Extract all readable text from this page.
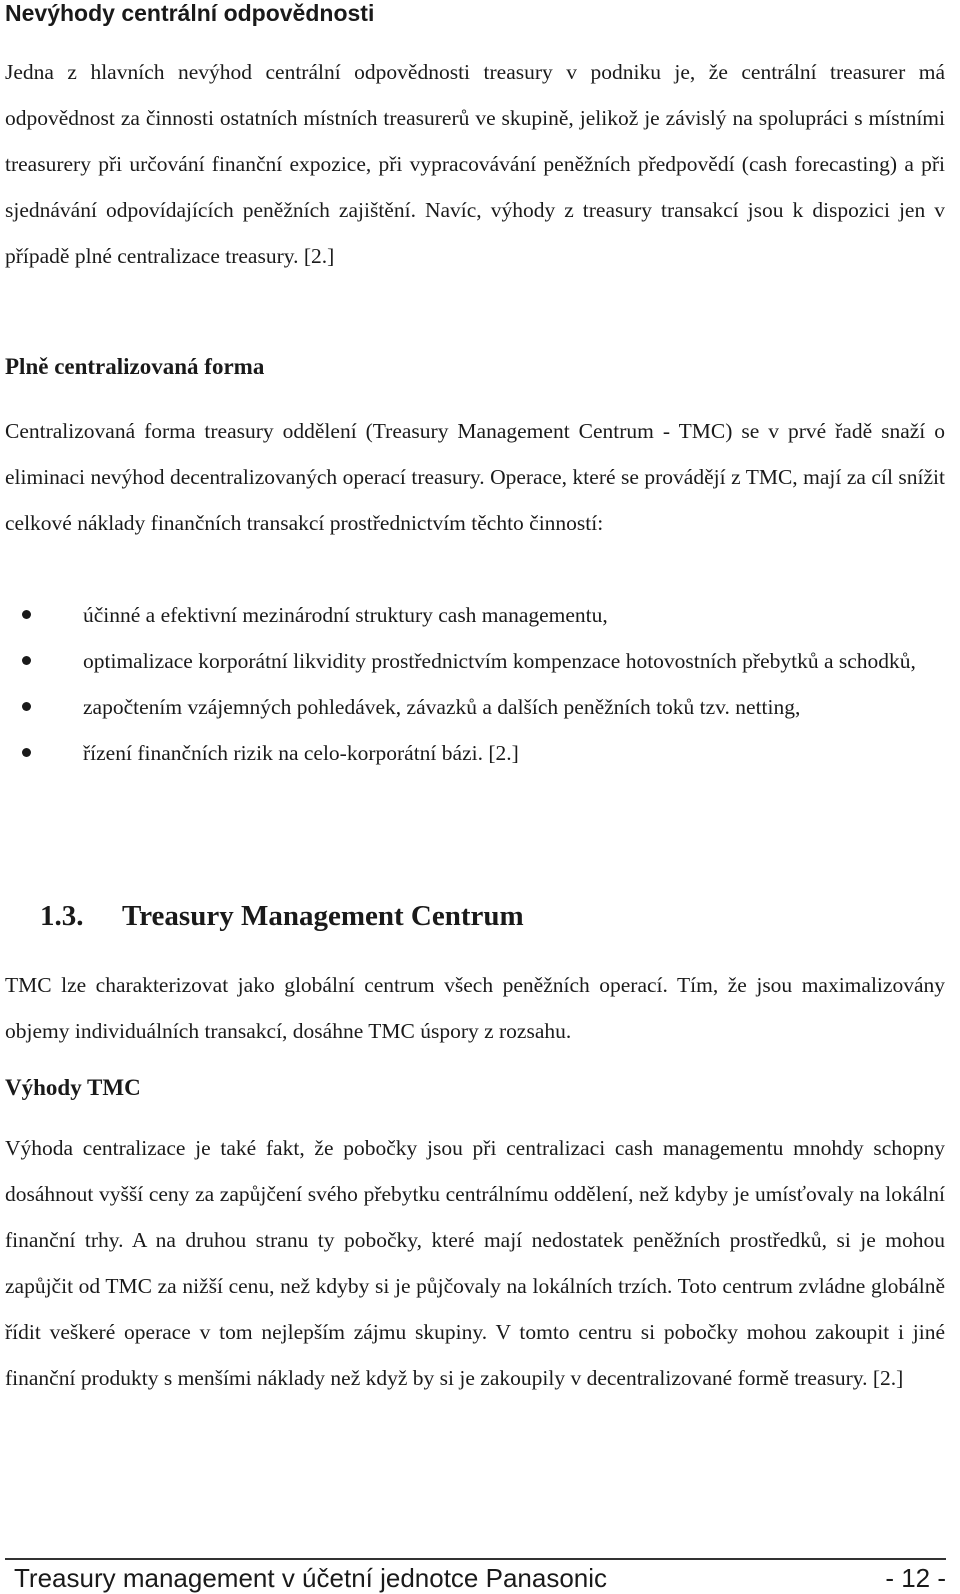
Nevýhody centrální odpovědnosti
Jedna z hlavních nevýhod centrální odpovědnosti treasury v podniku je, že centrální treasurer má odpovědnost za činnosti ostatních místních treasurerů ve skupině, jelikož je závislý na spolupráci s místními treasurery při určování finanční expozice, při vypracovávání peněžních předpovědí (cash forecasting) a při sjednávání odpovídajících peněžních zajištění. Navíc, výhody z treasury transakcí jsou k dispozici jen v případě plné centralizace treasury. [2.]
Plně centralizovaná forma
Centralizovaná forma treasury oddělení (Treasury Management Centrum - TMC) se v prvé řadě snaží o eliminaci nevýhod decentralizovaných operací treasury. Operace, které se provádějí z TMC, mají za cíl snížit celkové náklady finančních transakcí prostřednictvím těchto činností:
účinné a efektivní mezinárodní struktury cash managementu,
optimalizace korporátní likvidity prostřednictvím kompenzace hotovostních přebytků a schodků,
započtením vzájemných pohledávek, závazků a dalších peněžních toků tzv. netting,
řízení finančních rizik na celo-korporátní bázi. [2.]
1.3. Treasury Management Centrum
TMC lze charakterizovat jako globální centrum všech peněžních operací. Tím, že jsou maximalizovány objemy individuálních transakcí, dosáhne TMC úspory z rozsahu.
Výhody TMC
Výhoda centralizace je také fakt, že pobočky jsou při centralizaci cash managementu mnohdy schopny dosáhnout vyšší ceny za zapůjčení svého přebytku centrálnímu oddělení, než kdyby je umísťovaly na lokální finanční trhy. A na druhou stranu ty pobočky, které mají nedostatek peněžních prostředků, si je mohou zapůjčit od TMC za nižší cenu, než kdyby si je půjčovaly na lokálních trzích. Toto centrum zvládne globálně řídit veškeré operace v tom nejlepším zájmu skupiny. V tomto centru si pobočky mohou zakoupit i jiné finanční produkty s menšími náklady než když by si je zakoupily v decentralizované formě treasury. [2.]
Treasury management v účetní jednotce Panasonic	- 12 -
